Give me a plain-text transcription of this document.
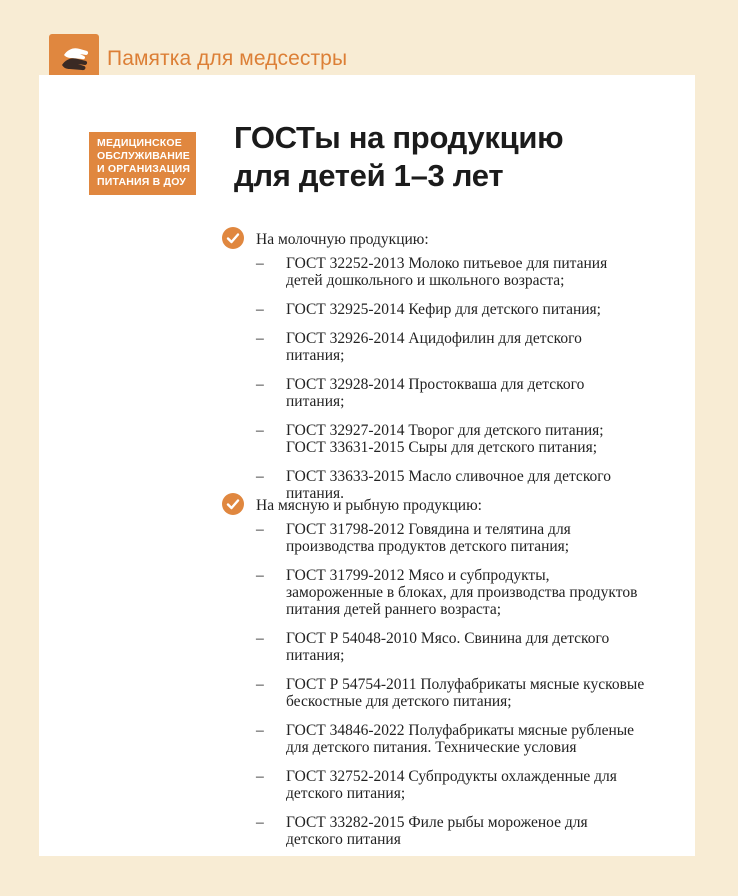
Памятка для медсестры
МЕДИЦИНСКОЕ
ОБСЛУЖИВАНИЕ
И ОРГАНИЗАЦИЯ
ПИТАНИЯ В ДОУ
ГОСТы на продукцию
для детей 1–3 лет
На молочную продукцию:
– ГОСТ 32252-2013 Молоко питьевое для питания
детей дошкольного и школьного возраста;
– ГОСТ 32925-2014 Кефир для детского питания;
– ГОСТ 32926-2014 Ацидофилин для детского
питания;
– ГОСТ 32928-2014 Простокваша для детского
питания;
– ГОСТ 32927-2014 Творог для детского питания;
ГОСТ 33631-2015 Сыры для детского питания;
– ГОСТ 33633-2015 Масло сливочное для детского
питания.
На мясную и рыбную продукцию:
– ГОСТ 31798-2012 Говядина и телятина для
производства продуктов детского питания;
– ГОСТ 31799-2012 Мясо и субпродукты,
замороженные в блоках, для производства продуктов
питания детей раннего возраста;
– ГОСТ Р 54048-2010 Мясо. Свинина для детского
питания;
– ГОСТ Р 54754-2011 Полуфабрикаты мясные кусковые
бескостные для детского питания;
– ГОСТ 34846-2022 Полуфабрикаты мясные рубленые
для детского питания. Технические условия
– ГОСТ 32752-2014 Субпродукты охлажденные для
детского питания;
– ГОСТ 33282-2015 Филе рыбы мороженое для
детского питания
